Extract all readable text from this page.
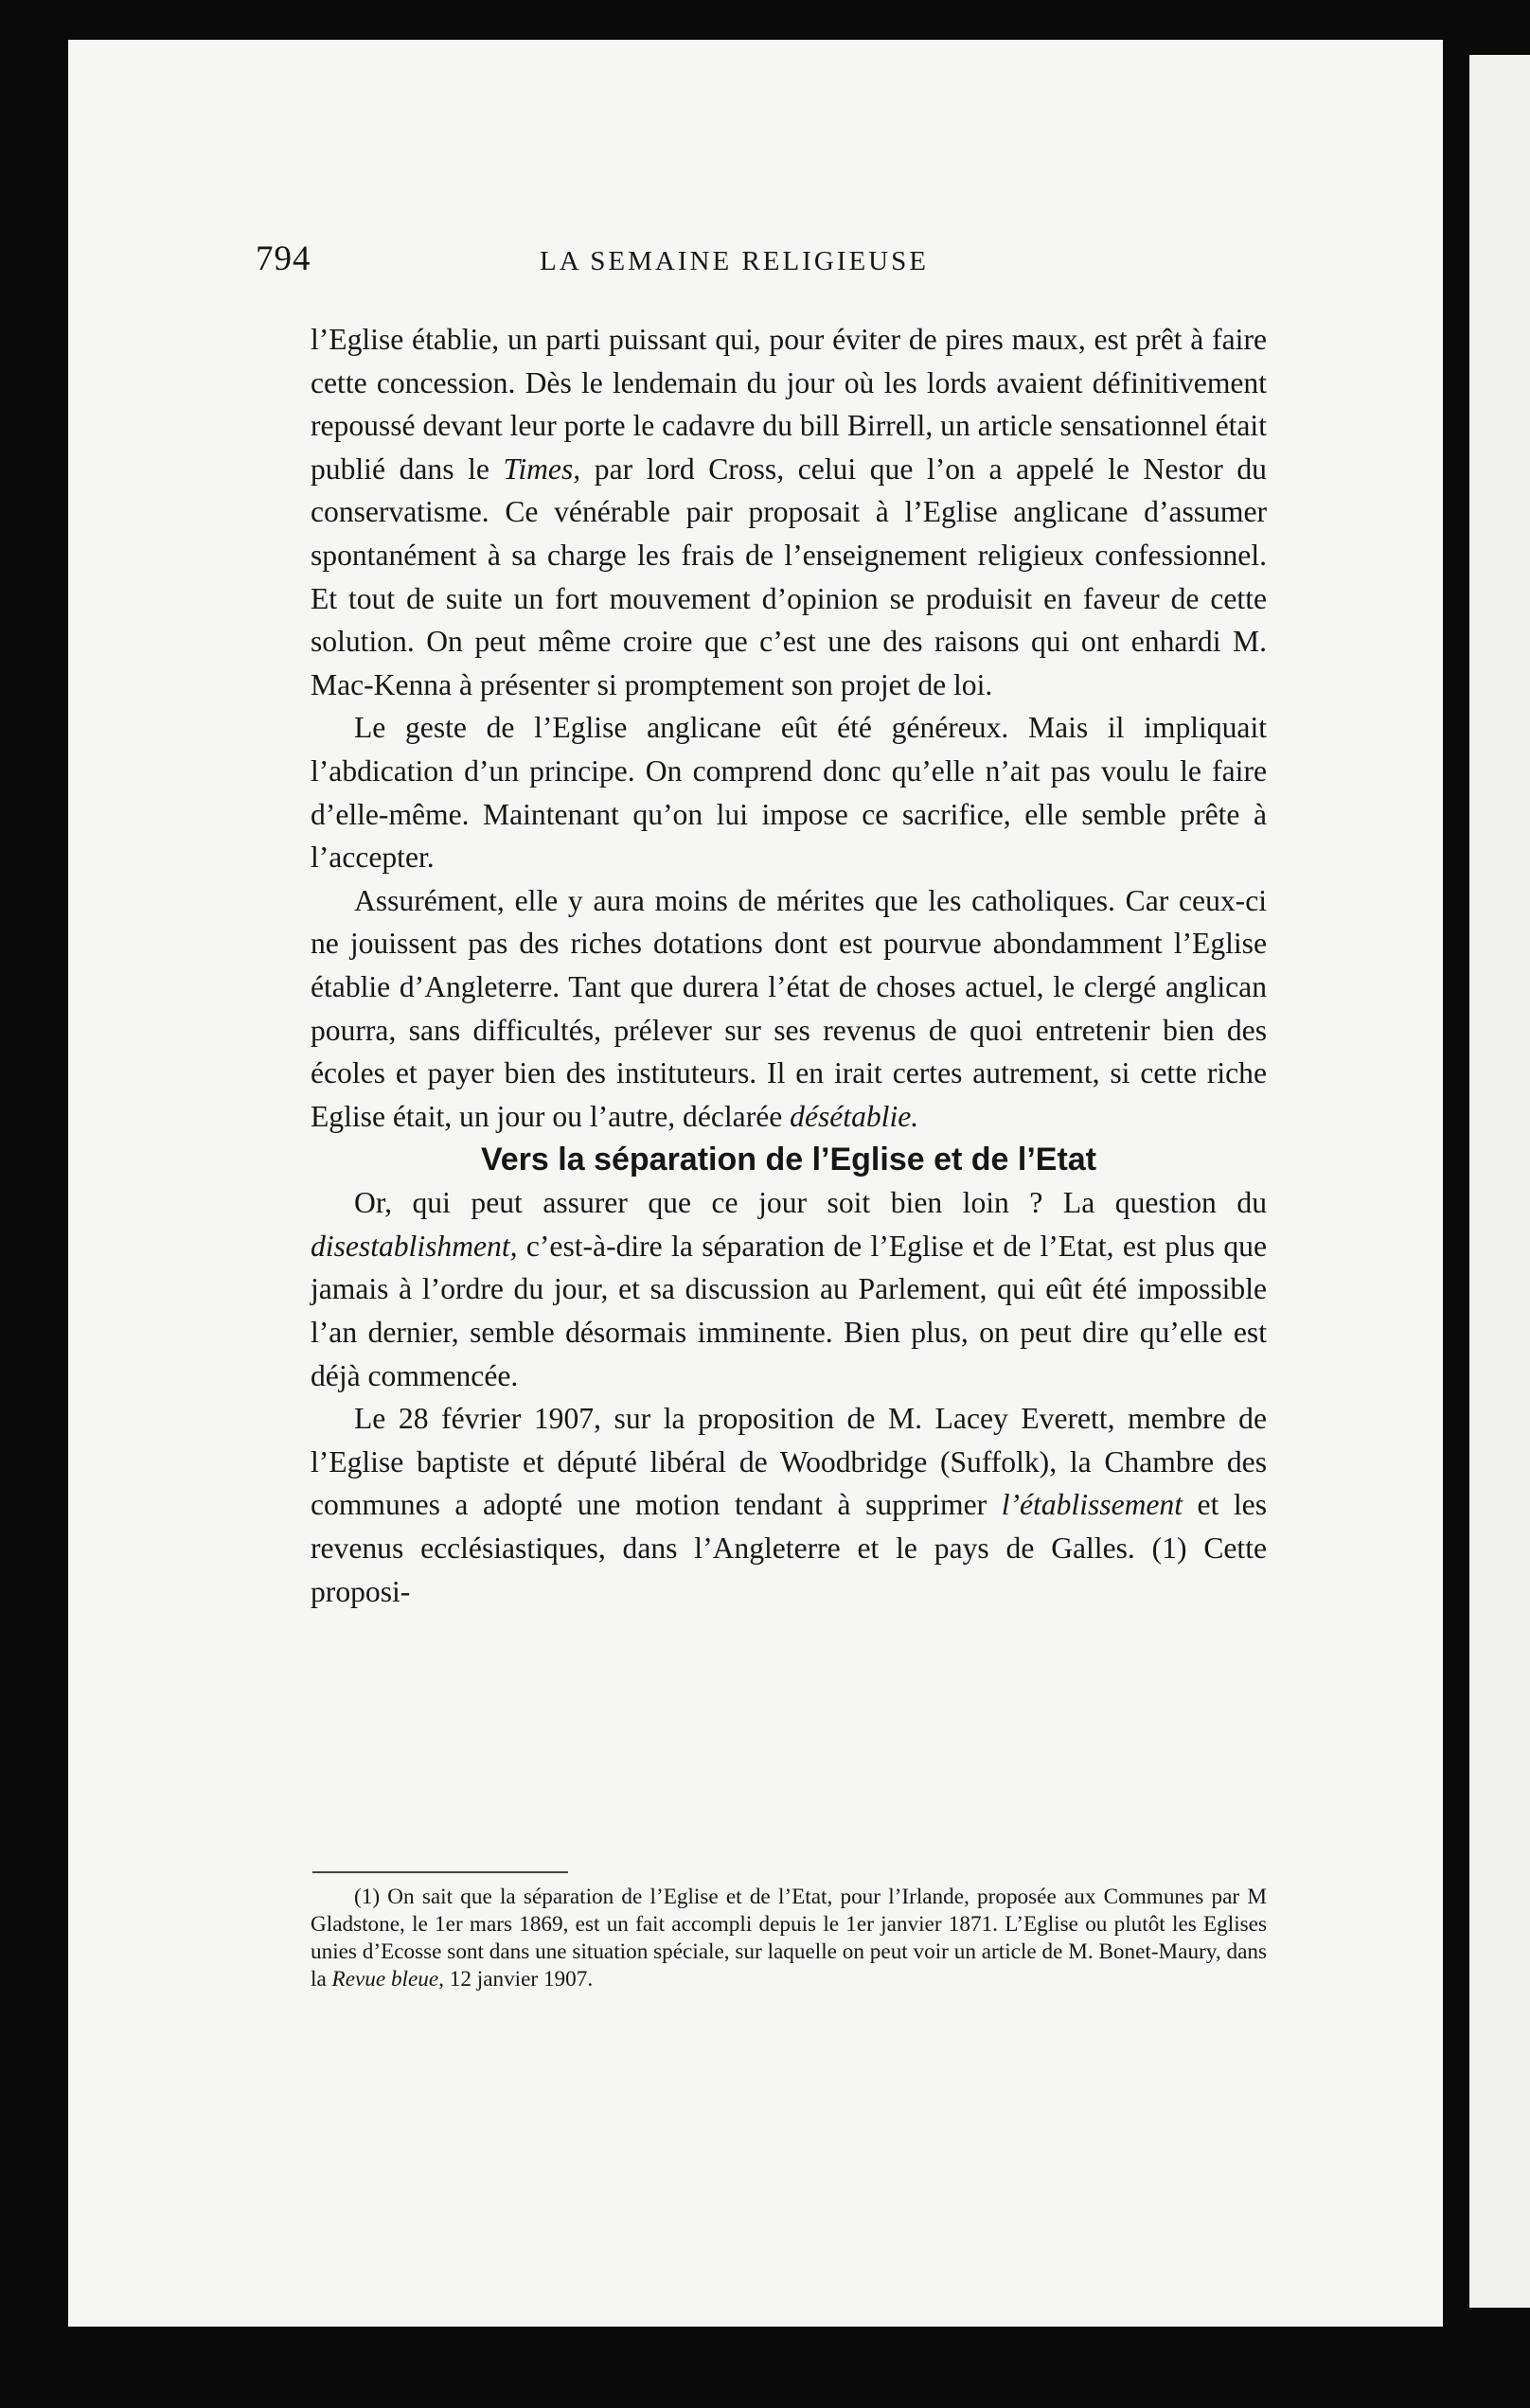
794	LA SEMAINE RELIGIEUSE

l’Eglise établie, un parti puissant qui, pour éviter de pires maux, est prêt à faire cette concession. Dès le lendemain du jour où les lords avaient définitivement repoussé devant leur porte le cadavre du bill Birrell, un article sensationnel était publié dans le Times, par lord Cross, celui que l’on a appelé le Nestor du conservatisme. Ce vénérable pair proposait à l’Eglise anglicane d’assumer spontanément à sa charge les frais de l’enseignement religieux confessionnel. Et tout de suite un fort mouvement d’opinion se produisit en faveur de cette solution. On peut même croire que c’est une des raisons qui ont enhardi M. Mac-Kenna à présenter si promptement son projet de loi.

Le geste de l’Eglise anglicane eût été généreux. Mais il impliquait l’abdication d’un principe. On comprend donc qu’elle n’ait pas voulu le faire d’elle-même. Maintenant qu’on lui impose ce sacrifice, elle semble prête à l’accepter.

Assurément, elle y aura moins de mérites que les catholiques. Car ceux-ci ne jouissent pas des riches dotations dont est pourvue abondamment l’Eglise établie d’Angleterre. Tant que durera l’état de choses actuel, le clergé anglican pourra, sans difficultés, prélever sur ses revenus de quoi entretenir bien des écoles et payer bien des instituteurs. Il en irait certes autrement, si cette riche Eglise était, un jour ou l’autre, déclarée désétablie.

Vers la séparation de l’Eglise et de l’Etat

Or, qui peut assurer que ce jour soit bien loin ? La question du disestablishment, c’est-à-dire la séparation de l’Eglise et de l’Etat, est plus que jamais à l’ordre du jour, et sa discussion au Parlement, qui eût été impossible l’an dernier, semble désormais imminente. Bien plus, on peut dire qu’elle est déjà commencée.

Le 28 février 1907, sur la proposition de M. Lacey Everett, membre de l’Eglise baptiste et député libéral de Woodbridge (Suffolk), la Chambre des communes a adopté une motion tendant à supprimer l’établissement et les revenus ecclésiastiques, dans l’Angleterre et le pays de Galles. (1) Cette proposi-

(1) On sait que la séparation de l’Eglise et de l’Etat, pour l’Irlande, proposée aux Communes par M Gladstone, le 1er mars 1869, est un fait accompli depuis le 1er janvier 1871. L’Eglise ou plutôt les Eglises unies d’Ecosse sont dans une situation spéciale, sur laquelle on peut voir un article de M. Bonet-Maury, dans la Revue bleue, 12 janvier 1907.
